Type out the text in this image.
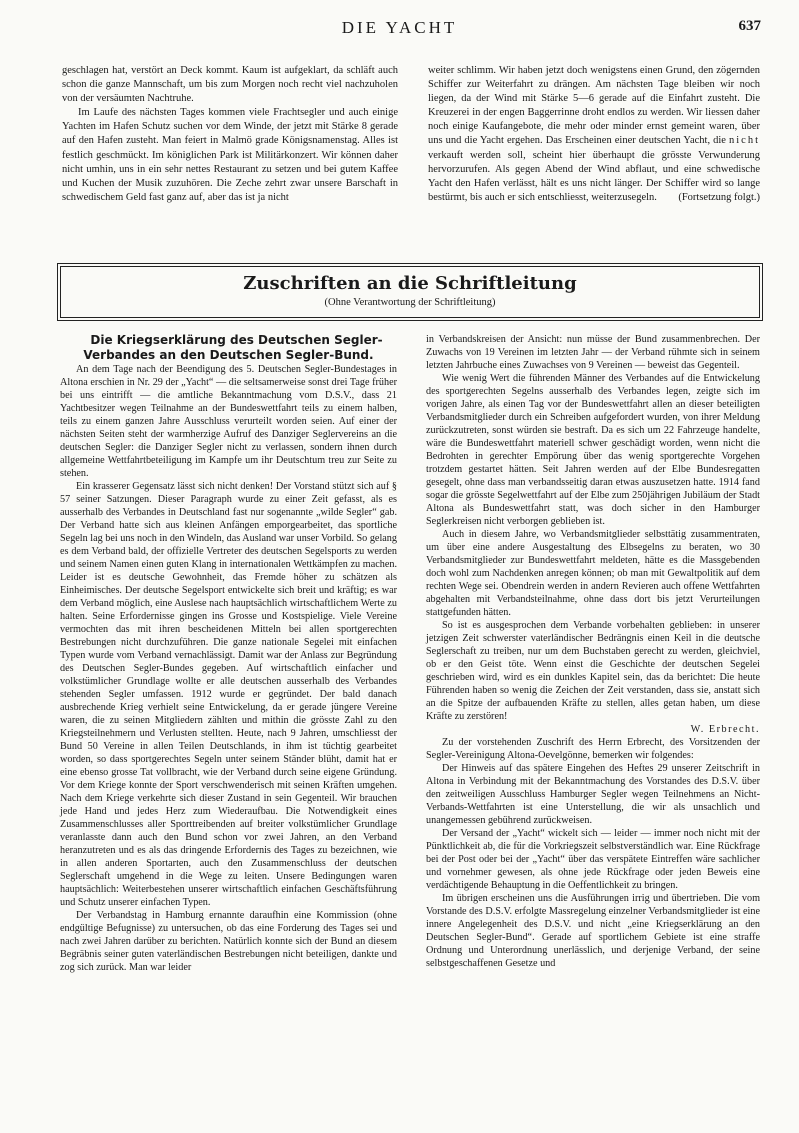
DIE YACHT	637

geschlagen hat, verstört an Deck kommt. Kaum ist aufgeklart, da schläft auch schon die ganze Mannschaft, um bis zum Morgen noch recht viel nachzuholen von der versäumten Nachtruhe.

Im Laufe des nächsten Tages kommen viele Frachtsegler und auch einige Yachten im Hafen Schutz suchen vor dem Winde, der jetzt mit Stärke 8 gerade auf den Hafen zusteht. Man feiert in Malmö grade Königsnamenstag. Alles ist festlich geschmückt. Im königlichen Park ist Militärkonzert. Wir können daher nicht umhin, uns in ein sehr nettes Restaurant zu setzen und bei gutem Kaffee und Kuchen der Musik zuzuhören. Die Zeche zehrt zwar unsere Barschaft in schwedischem Geld fast ganz auf, aber das ist ja nicht

weiter schlimm. Wir haben jetzt doch wenigstens einen Grund, den zögernden Schiffer zur Weiterfahrt zu drängen. Am nächsten Tage bleiben wir noch liegen, da der Wind mit Stärke 5—6 gerade auf die Einfahrt zusteht. Die Kreuzerei in der engen Baggerrinne droht endlos zu werden. Wir liessen daher noch einige Kaufangebote, die mehr oder minder ernst gemeint waren, über uns und die Yacht ergehen. Das Erscheinen einer deutschen Yacht, die nicht verkauft werden soll, scheint hier überhaupt die grösste Verwunderung hervorzurufen. Als gegen Abend der Wind abflaut, und eine schwedische Yacht den Hafen verlässt, hält es uns nicht länger. Der Schiffer wird so lange bestürmt, bis auch er sich entschliesst, weiterzusegeln. (Fortsetzung folgt.)

Zuschriften an die Schriftleitung
(Ohne Verantwortung der Schriftleitung)

Die Kriegserklärung des Deutschen Segler-Verbandes an den Deutschen Segler-Bund.

An dem Tage nach der Beendigung des 5. Deutschen Segler-Bundestages in Altona erschien in Nr. 29 der „Yacht“ — die seltsamerweise sonst drei Tage früher bei uns eintrifft — die amtliche Bekanntmachung vom D.S.V., dass 21 Yachtbesitzer wegen Teilnahme an der Bundeswettfahrt teils zu einem halben, teils zu einem ganzen Jahre Ausschluss verurteilt worden seien. Auf einer der nächsten Seiten steht der warmherzige Aufruf des Danziger Seglervereins an die deutschen Segler: die Danziger Segler nicht zu verlassen, sondern ihnen durch allgemeine Wettfahrtbeteiligung im Kampfe um ihr Deutschtum treu zur Seite zu stehen.

Ein krasserer Gegensatz lässt sich nicht denken! Der Vorstand stützt sich auf § 57 seiner Satzungen. Dieser Paragraph wurde zu einer Zeit gefasst, als es ausserhalb des Verbandes in Deutschland fast nur sogenannte „wilde Segler“ gab. Der Verband hatte sich aus kleinen Anfängen emporgearbeitet, das sportliche Segeln lag bei uns noch in den Windeln, das Ausland war unser Vorbild. So gelang es dem Verband bald, der offizielle Vertreter des deutschen Segelsports zu werden und seinem Namen einen guten Klang in internationalen Wettkämpfen zu machen. Leider ist es deutsche Gewohnheit, das Fremde höher zu schätzen als Einheimisches. Der deutsche Segelsport entwickelte sich breit und kräftig; es war dem Verband möglich, eine Auslese nach hauptsächlich wirtschaftlichem Werte zu halten. Seine Erfordernisse gingen ins Grosse und Kostspielige. Viele Vereine vermochten das mit ihren bescheidenen Mitteln bei allen sportgerechten Bestrebungen nicht durchzuführen. Die ganze nationale Segelei mit einfachen Typen wurde vom Verband vernachlässigt. Damit war der Anlass zur Begründung des Deutschen Segler-Bundes gegeben. Auf wirtschaftlich einfacher und volkstümlicher Grundlage wollte er alle deutschen ausserhalb des Verbandes stehenden Segler umfassen. 1912 wurde er gegründet. Der bald danach ausbrechende Krieg verhielt seine Entwickelung, da er gerade jüngere Vereine waren, die zu seinen Mitgliedern zählten und mithin die grösste Zahl zu den Kriegsteilnehmern und Verlusten stellten. Heute, nach 9 Jahren, umschliesst der Bund 50 Vereine in allen Teilen Deutschlands, in ihm ist tüchtig gearbeitet worden, so dass sportgerechtes Segeln unter seinem Ständer blüht, damit hat er eine ebenso grosse Tat vollbracht, wie der Verband durch seine eigene Gründung. Vor dem Kriege konnte der Sport verschwenderisch mit seinen Kräften umgehen. Nach dem Kriege verkehrte sich dieser Zustand in sein Gegenteil. Wir brauchen jede Hand und jedes Herz zum Wiederaufbau. Die Notwendigkeit eines Zusammenschlusses aller Sporttreibenden auf breiter volkstümlicher Grundlage veranlasste dann auch den Bund schon vor zwei Jahren, an den Verband heranzutreten und es als das dringende Erfordernis des Tages zu bezeichnen, wie in allen anderen Sportarten, auch den Zusammenschluss der deutschen Seglerschaft umgehend in die Wege zu leiten. Unsere Bedingungen waren hauptsächlich: Weiterbestehen unserer wirtschaftlich einfachen Geschäftsführung und Schutz unserer einfachen Typen.

Der Verbandstag in Hamburg ernannte daraufhin eine Kommission (ohne endgültige Befugnisse) zu untersuchen, ob das eine Forderung des Tages sei und nach zwei Jahren darüber zu berichten. Natürlich konnte sich der Bund an diesem Begräbnis seiner guten vaterländischen Bestrebungen nicht beteiligen, dankte und zog sich zurück. Man war leider

in Verbandskreisen der Ansicht: nun müsse der Bund zusammenbrechen. Der Zuwachs von 19 Vereinen im letzten Jahr — der Verband rühmte sich in seinem letzten Jahrbuche eines Zuwachses von 9 Vereinen — beweist das Gegenteil.

Wie wenig Wert die führenden Männer des Verbandes auf die Entwickelung des sportgerechten Segelns ausserhalb des Verbandes legen, zeigte sich im vorigen Jahre, als einen Tag vor der Bundeswettfahrt allen an dieser beteiligten Verbandsmitglieder durch ein Schreiben aufgefordert wurden, von ihrer Meldung zurückzutreten, sonst würden sie bestraft. Da es sich um 22 Fahrzeuge handelte, wäre die Bundeswettfahrt materiell schwer geschädigt worden, wenn nicht die Bedrohten in gerechter Empörung über das wenig sportgerechte Vorgehen trotzdem gestartet hätten. Seit Jahren werden auf der Elbe Bundesregatten gesegelt, ohne dass man verbandsseitig daran etwas auszusetzen hatte. 1914 fand sogar die grösste Segelwettfahrt auf der Elbe zum 250jährigen Jubiläum der Stadt Altona als Bundeswettfahrt statt, was doch sicher in den Hamburger Seglerkreisen nicht verborgen geblieben ist.

Auch in diesem Jahre, wo Verbandsmitglieder selbsttätig zusammentraten, um über eine andere Ausgestaltung des Elbsegelns zu beraten, wo 30 Verbandsmitglieder zur Bundeswettfahrt meldeten, hätte es die Massgebenden doch wohl zum Nachdenken anregen können; ob man mit Gewaltpolitik auf dem rechten Wege sei. Obendrein werden in andern Revieren auch offene Wettfahrten abgehalten mit Verbandsteilnahme, ohne dass dort bis jetzt Verurteilungen stattgefunden hätten.

So ist es ausgesprochen dem Verbande vorbehalten geblieben: in unserer jetzigen Zeit schwerster vaterländischer Bedrängnis einen Keil in die deutsche Seglerschaft zu treiben, nur um dem Buchstaben gerecht zu werden, gleichviel, ob er den Geist töte. Wenn einst die Geschichte der deutschen Segelei geschrieben wird, wird es ein dunkles Kapitel sein, das da berichtet: Die heute Führenden haben so wenig die Zeichen der Zeit verstanden, dass sie, anstatt sich an die Spitze der aufbauenden Kräfte zu stellen, alles getan haben, um diese Kräfte zu zerstören!

W. Erbrecht.

Zu der vorstehenden Zuschrift des Herrn Erbrecht, des Vorsitzenden der Segler-Vereinigung Altona-Oevelgönne, bemerken wir folgendes:

Der Hinweis auf das spätere Eingehen des Heftes 29 unserer Zeitschrift in Altona in Verbindung mit der Bekanntmachung des Vorstandes des D.S.V. über den zeitweiligen Ausschluss Hamburger Segler wegen Teilnehmens an Nicht-Verbands-Wettfahrten ist eine Unterstellung, die wir als unsachlich und unangemessen gebührend zurückweisen.

Der Versand der „Yacht“ wickelt sich — leider — immer noch nicht mit der Pünktlichkeit ab, die für die Vorkriegszeit selbstverständlich war. Eine Rückfrage bei der Post oder bei der „Yacht“ über das verspätete Eintreffen wäre sachlicher und vornehmer gewesen, als ohne jede Rückfrage oder jeden Beweis eine verdächtigende Behauptung in die Oeffentlichkeit zu bringen.

Im übrigen erscheinen uns die Ausführungen irrig und übertrieben. Die vom Vorstande des D.S.V. erfolgte Massregelung einzelner Verbandsmitglieder ist eine innere Angelegenheit des D.S.V. und nicht „eine Kriegserklärung an den Deutschen Segler-Bund“. Gerade auf sportlichem Gebiete ist eine straffe Ordnung und Unterordnung unerlässlich, und derjenige Verband, der seine selbstgeschaffenen Gesetze und
